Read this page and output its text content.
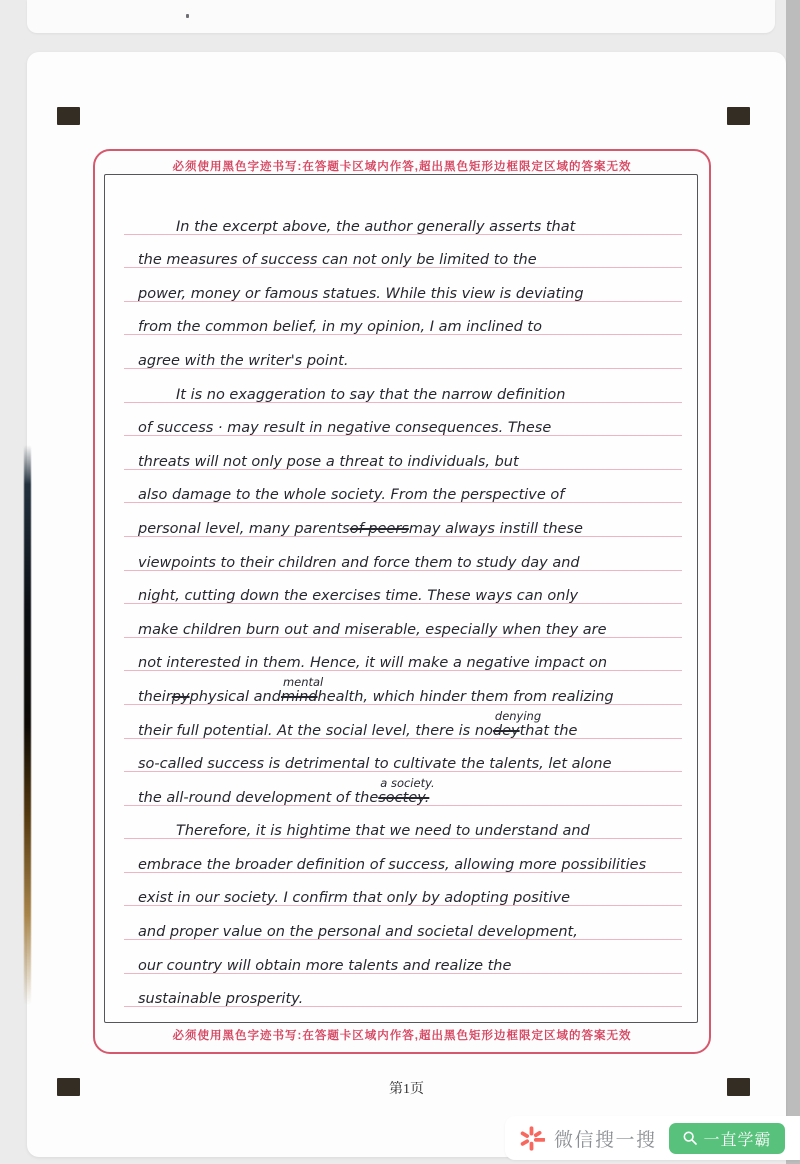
必须使用黑色字迹书写:在答题卡区域内作答,超出黑色矩形边框限定区域的答案无效
必须使用黑色字迹书写:在答题卡区域内作答,超出黑色矩形边框限定区域的答案无效
In the excerpt above, the author generally asserts that
the measures of success can not only be limited to the
power, money or famous statues. While this view is deviating
from the common belief, in my opinion, I am inclined to
agree with the writer's point.
It is no exaggeration to say that the narrow definition
of success · may result in negative consequences. These
threats will not only pose a threat to individuals, but
also damage to the whole society. From the perspective of
personal level, many parents of peers may always instill these
viewpoints to their children and force them to study day and
night, cutting down the exercises time. These ways can only
make children burn out and miserable, especially when they are
not interested in them. Hence, it will make a negative impact on
their py physical and mind
mental
health, which hinder them from realizing
their full potential. At the social level, there is no dey
denying
that the
so-called success is detrimental to cultivate the talents, let alone
the all-round development of the soctey.
a society.
Therefore, it is hightime that we need to understand and
embrace the broader definition of success, allowing more possibilities
exist in our society. I confirm that only by adopting positive
and proper value on the personal and societal development,
our country will obtain more talents and realize the
sustainable prosperity.
第1页
微信搜一搜	一直学霸
